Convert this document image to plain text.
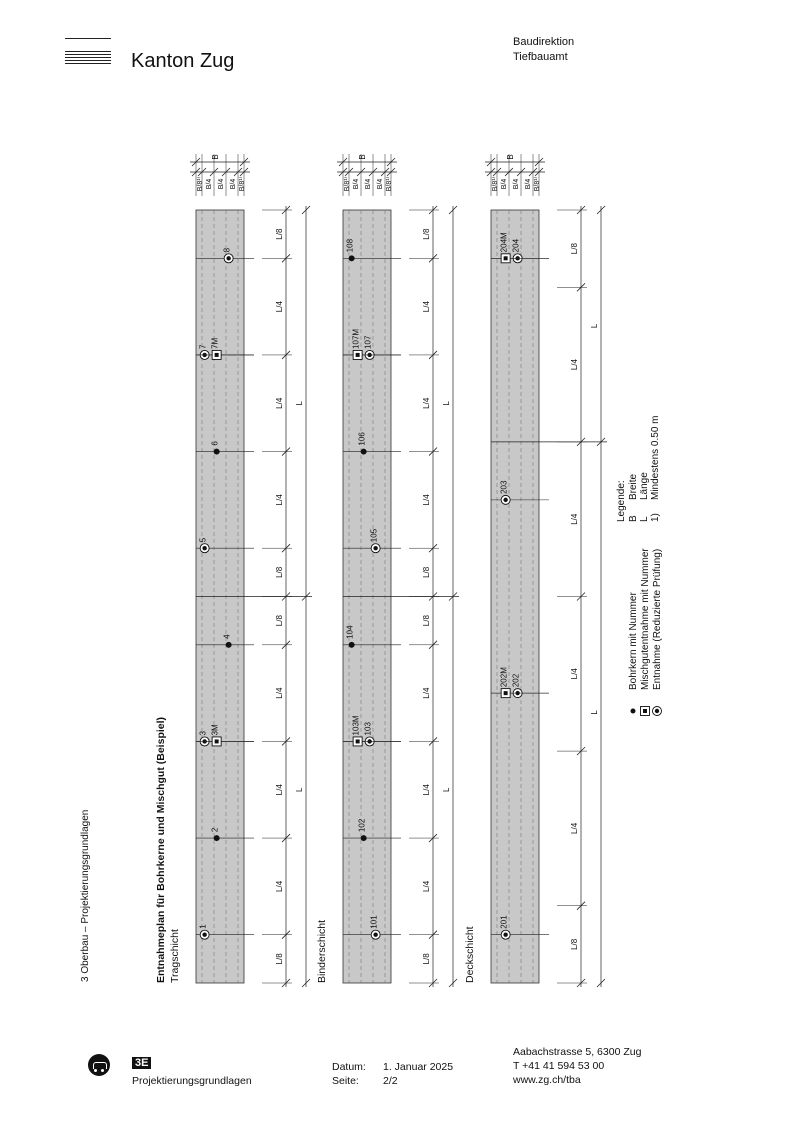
Kanton Zug
Baudirektion
Tiefbauamt
3 Oberbau – Projektierungsgrundlagen
B
B/8¹⁾ B/4 B/4 B/4 B/8¹⁾
L/8
L/4
L/4
L/4
L/8
L/8
L/4
L/4
L/4
L/8
L
L
Tragschicht
1
2
3 3M
4
5
6
7 7M
8
B
B/8¹⁾ B/4 B/4 B/4 B/8¹⁾
L/8
L/4
L/4
L/4
L/8
L/8
L/4
L/4
L/4
L/8
L
L
Binderschicht	101
102
103
103M
104
105
106
107
107M
108
B
B/8¹⁾ B/4 B/4 B/4 B/8¹⁾
L/8
L/4
L/4
L/4
L/4
L/8
L
L
Deckschicht
201
202
202M
203
204
204M
Entnahmeplan für Bohrkerne und Mischgut (Beispiel)
Legende: B
Breite
L
Länge
1)
Mindestens 0.50 m
Bohrkern mit Nummer Mischgutentnahme mit Nummer Entnahme (Reduzierte Prüfung)
3E
Projektierungsgrundlagen
Datum: 1. Januar 2025
Seite: 2/2
Aabachstrasse 5, 6300 Zug
T +41 41 594 53 00
www.zg.ch/tba
